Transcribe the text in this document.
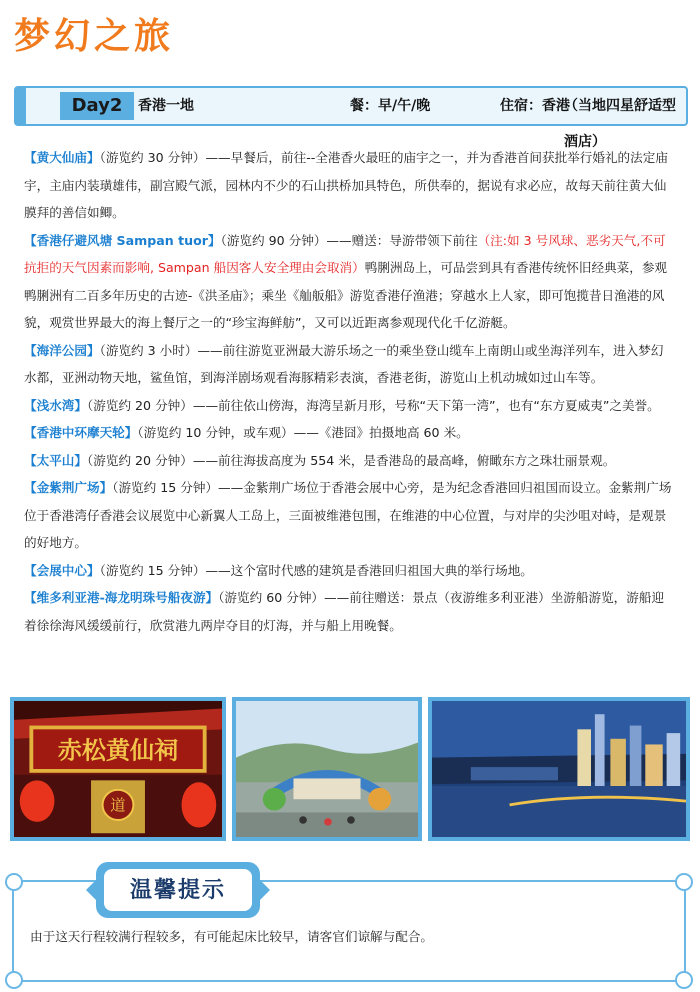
梦幻之旅
Day2	香港一地	餐：早/午/晚	住宿：香港
（当地四星舒适型酒店）

【黄大仙庙】（游览约 30 分钟）——早餐后，前往--全港香火最旺的庙宇之一，并为香港首间获批举行婚礼的法定庙宇，主庙内装璜雄伟，副宫殿气派，园林内不少的石山拱桥加具特色，所供奉的，据说有求必应，故每天前往黄大仙膜拜的善信如鲫。

【香港仔避风塘 Sampan tuor】（游览约 90 分钟）——赠送：导游带领下前往（注:如 3 号风球、恶劣天气,不可抗拒的天气因素而影响, Sampan 船因客人安全理由会取消）鸭脷洲岛上，可品尝到具有香港传统怀旧经典菜，参观鸭脷洲有二百多年历史的古迹-《洪圣庙》；乘坐《舢舨船》游览香港仔渔港；穿越水上人家，即可饱揽昔日渔港的风貌，观赏世界最大的海上餐厅之一的“珍宝海鲜舫”，又可以近距离参观现代化千亿游艇。

【海洋公园】（游览约 3 小时）——前往游览亚洲最大游乐场之一的乘坐登山缆车上南朗山或坐海洋列车，进入梦幻水都，亚洲动物天地，鲨鱼馆，到海洋剧场观看海豚精彩表演，香港老街，游览山上机动城如过山车等。

【浅水湾】（游览约 20 分钟）——前往依山傍海，海湾呈新月形，号称“天下第一湾”，也有“东方夏威夷”之美誉。

【香港中环摩天轮】（游览约 10 分钟，或车观）——《港囧》拍摄地高 60 米。

【太平山】（游览约 20 分钟）——前往海拔高度为 554 米，是香港岛的最高峰，俯瞰东方之珠壮丽景观。

【金紫荆广场】（游览约 15 分钟）——金紫荆广场位于香港会展中心旁，是为纪念香港回归祖国而设立。金紫荆广场位于香港湾仔香港会议展览中心新翼人工岛上，三面被维港包围，在维港的中心位置，与对岸的尖沙咀对峙，是观景的好地方。

【会展中心】（游览约 15 分钟）——这个富时代感的建筑是香港回归祖国大典的举行场地。

【维多利亚港-海龙明珠号船夜游】（游览约 60 分钟）——前往赠送：景点（夜游维多利亚港）坐游船游览，游船迎着徐徐海风缓缓前行，欣赏港九两岸夺目的灯海，并与船上用晚餐。

赤松黄仙祠
道
温馨提示
由于这天行程较满行程较多，有可能起床比较早，请客官们谅解与配合。
